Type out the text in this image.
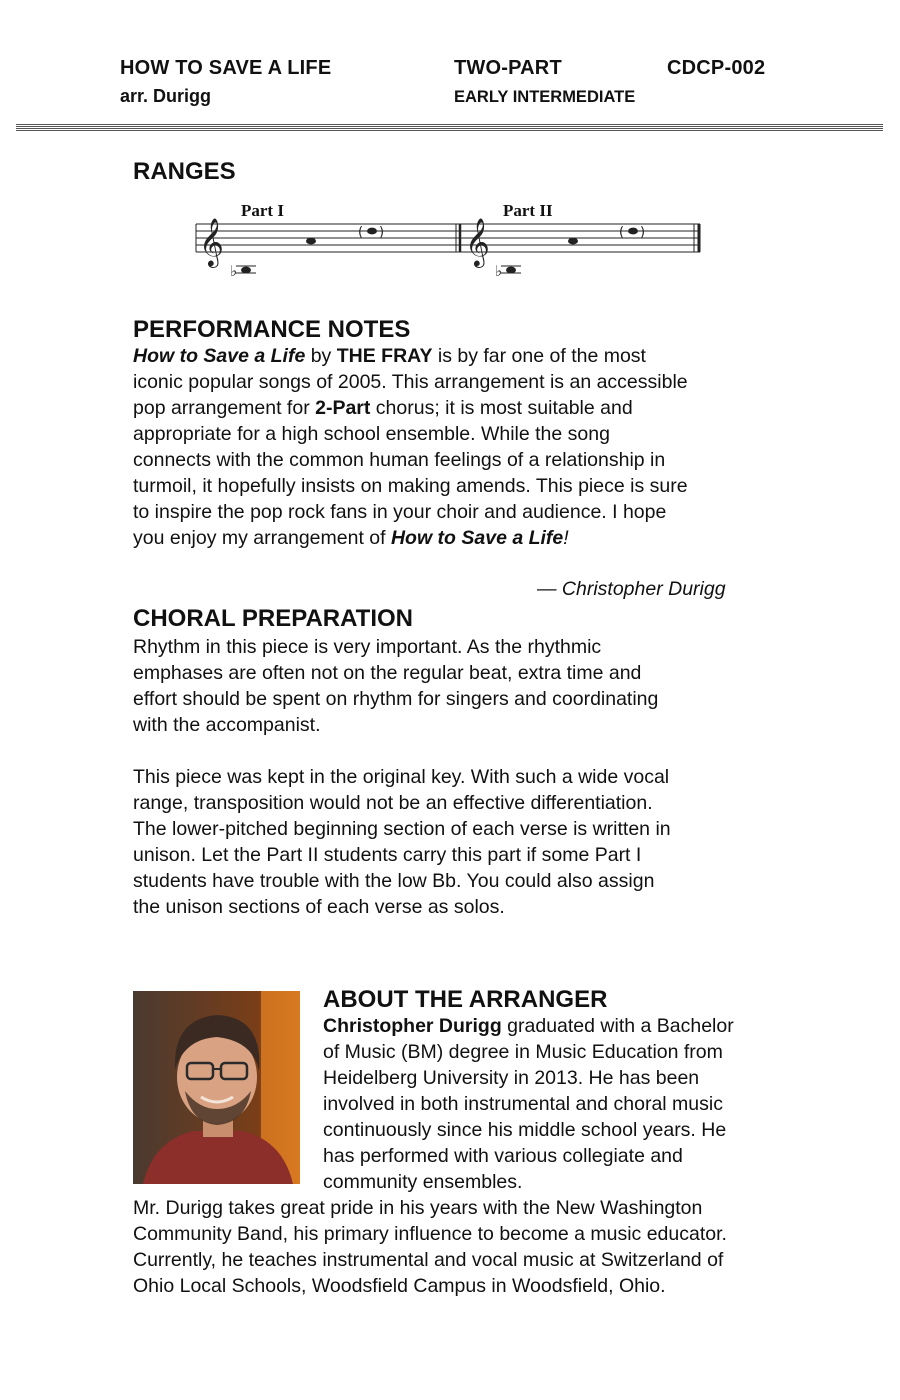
HOW TO SAVE A LIFE
arr. Durigg
TWO-PART
EARLY INTERMEDIATE
CDCP-002
RANGES
Part I	Part II
𝄞
♭
( ) 𝄞
♭
( )
PERFORMANCE NOTES
How to Save a Life by THE FRAY is by far one of the most
iconic popular songs of 2005. This arrangement is an accessible
pop arrangement for 2-Part chorus; it is most suitable and
appropriate for a high school ensemble. While the song
connects with the common human feelings of a relationship in
turmoil, it hopefully insists on making amends. This piece is sure
to inspire the pop rock fans in your choir and audience. I hope
you enjoy my arrangement of How to Save a Life!
— Christopher Durigg
CHORAL PREPARATION
Rhythm in this piece is very important. As the rhythmic
emphases are often not on the regular beat, extra time and
effort should be spent on rhythm for singers and coordinating
with the accompanist.
This piece was kept in the original key. With such a wide vocal
range, transposition would not be an effective differentiation.
The lower-pitched beginning section of each verse is written in
unison. Let the Part II students carry this part if some Part I
students have trouble with the low Bb. You could also assign
the unison sections of each verse as solos.
ABOUT THE ARRANGER
Christopher Durigg graduated with a Bachelor
of Music (BM) degree in Music Education from
Heidelberg University in 2013. He has been
involved in both instrumental and choral music
continuously since his middle school years. He
has performed with various collegiate and
community ensembles.
Mr. Durigg takes great pride in his years with the New Washington
Community Band, his primary influence to become a music educator.
Currently, he teaches instrumental and vocal music at Switzerland of
Ohio Local Schools, Woodsfield Campus in Woodsfield, Ohio.
